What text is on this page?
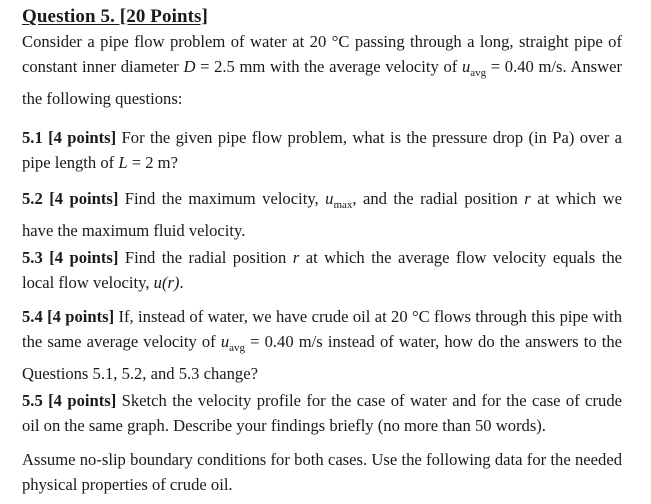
Question 5. [20 Points]

Consider a pipe flow problem of water at 20 °C passing through a long, straight pipe of constant inner diameter D = 2.5 mm with the average velocity of $u_{avg} = 0.40$ m/s. Answer the following questions:

5.1 [4 points] For the given pipe flow problem, what is the pressure drop (in Pa) over a pipe length of L = 2 m?

5.2 [4 points] Find the maximum velocity, $u_{max}$, and the radial position r at which we have the maximum fluid velocity.

5.3 [4 points] Find the radial position r at which the average flow velocity equals the local flow velocity, u(r).

5.4 [4 points] If, instead of water, we have crude oil at 20 °C flows through this pipe with the same average velocity of $u_{avg} = 0.40$ m/s instead of water, how do the answers to the Questions 5.1, 5.2, and 5.3 change?

5.5 [4 points] Sketch the velocity profile for the case of water and for the case of crude oil on the same graph. Describe your findings briefly (no more than 50 words).

Assume no-slip boundary conditions for both cases. Use the following data for the needed physical properties of crude oil.
